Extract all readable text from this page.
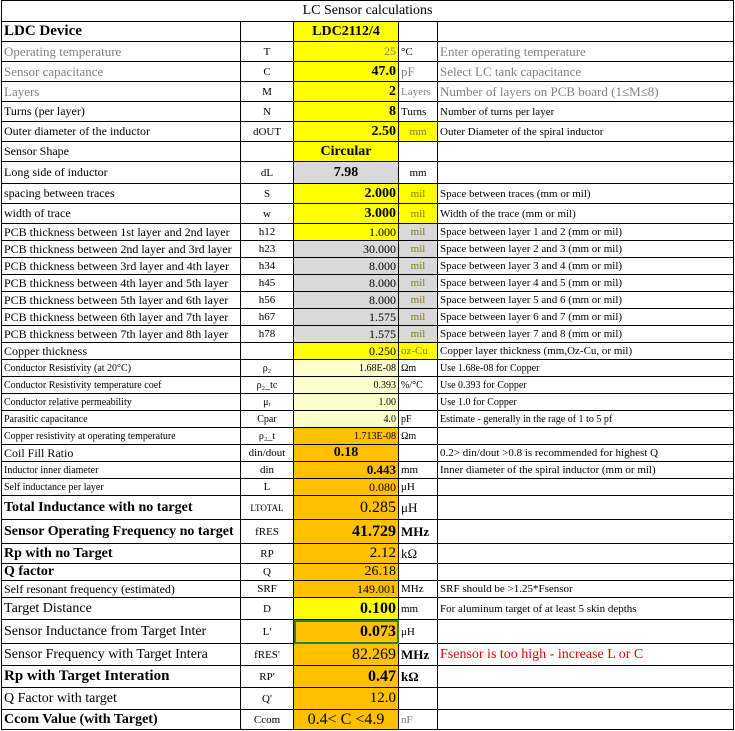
LC Sensor calculations
LDC Device		LDC2112/4		
Operating temperature	T	25	°C	Enter operating temperature
Sensor capacitance	C	47.0	pF	Select LC tank capacitance
Layers	M	2	Layers	Number of layers on PCB board (1≤M≤8)
Turns (per layer)	N	8	Turns	Number of turns per layer
Outer diameter of the inductor	dOUT	2.50	mm	Outer Diameter of the spiral inductor
Sensor Shape		Circular		
Long side of inductor	dL	7.98	mm	
spacing between traces	S	2.000	mil	Space between traces (mm or mil)
width of trace	w	3.000	mil	Width of the trace (mm or mil)
PCB thickness between 1st layer and 2nd layer	h12	1.000	mil	Space between layer 1 and 2 (mm or mil)
PCB thickness between 2nd layer and 3rd layer	h23	30.000	mil	Space between layer 2 and 3 (mm or mil)
PCB thickness between 3rd layer and 4th layer	h34	8.000	mil	Space between layer 3 and 4 (mm or mil)
PCB thickness between 4th layer and 5th layer	h45	8.000	mil	Space between layer 4 and 5 (mm or mil)
PCB thickness between 5th layer and 6th layer	h56	8.000	mil	Space between layer 5 and 6 (mm or mil)
PCB thickness between 6th layer and 7th layer	h67	1.575	mil	Space between layer 6 and 7 (mm or mil)
PCB thickness between 7th layer and 8th layer	h78	1.575	mil	Space between layer 7 and 8 (mm or mil)
Copper thickness		0.250	oz-Cu	Copper layer thickness (mm,Oz-Cu, or mil)
Conductor Resistivity (at 20°C)	ρ₂	1.68E-08	Ωm	Use 1.68e-08 for Copper
Conductor Resistivity temperature coef	ρ₂_tc	0.393	%/°C	Use 0.393 for Copper
Conductor relative permeability	μᵣ	1.00		Use 1.0 for Copper
Parasitic capacitance	Cpar	4.0	pF	Estimate - generally in the rage of 1 to 5 pf
Copper resistivity at operating temperature	ρ₂_t	1.713E-08	Ωm	
Coil Fill Ratio	din/dout	0.18		0.2> din/dout >0.8 is recommended for highest Q
Inductor inner diameter	din	0.443	mm	Inner diameter of the spiral inductor (mm or mil)
Self inductance per layer	L	0.080	μH	
Total Inductance with no target	LTOTAL	0.285	μH	
Sensor Operating Frequency no target	fRES	41.729	MHz	
Rp with no Target	RP	2.12	kΩ	
Q factor	Q	26.18		
Self resonant frequency (estimated)	SRF	149.001	MHz	SRF should be >1.25*Fsensor
Target Distance	D	0.100	mm	For aluminum target of at least 5 skin depths
Sensor Inductance from Target Inter	L'	0.073	μH	
Sensor Frequency with Target Intera	fRES'	82.269	MHz	Fsensor is too high - increase L or C
Rp with Target Interation	RP'	0.47	kΩ	
Q Factor with target	Q'	12.0		
Ccom Value (with Target)	Ccom	0.4< C <4.9	nF	
